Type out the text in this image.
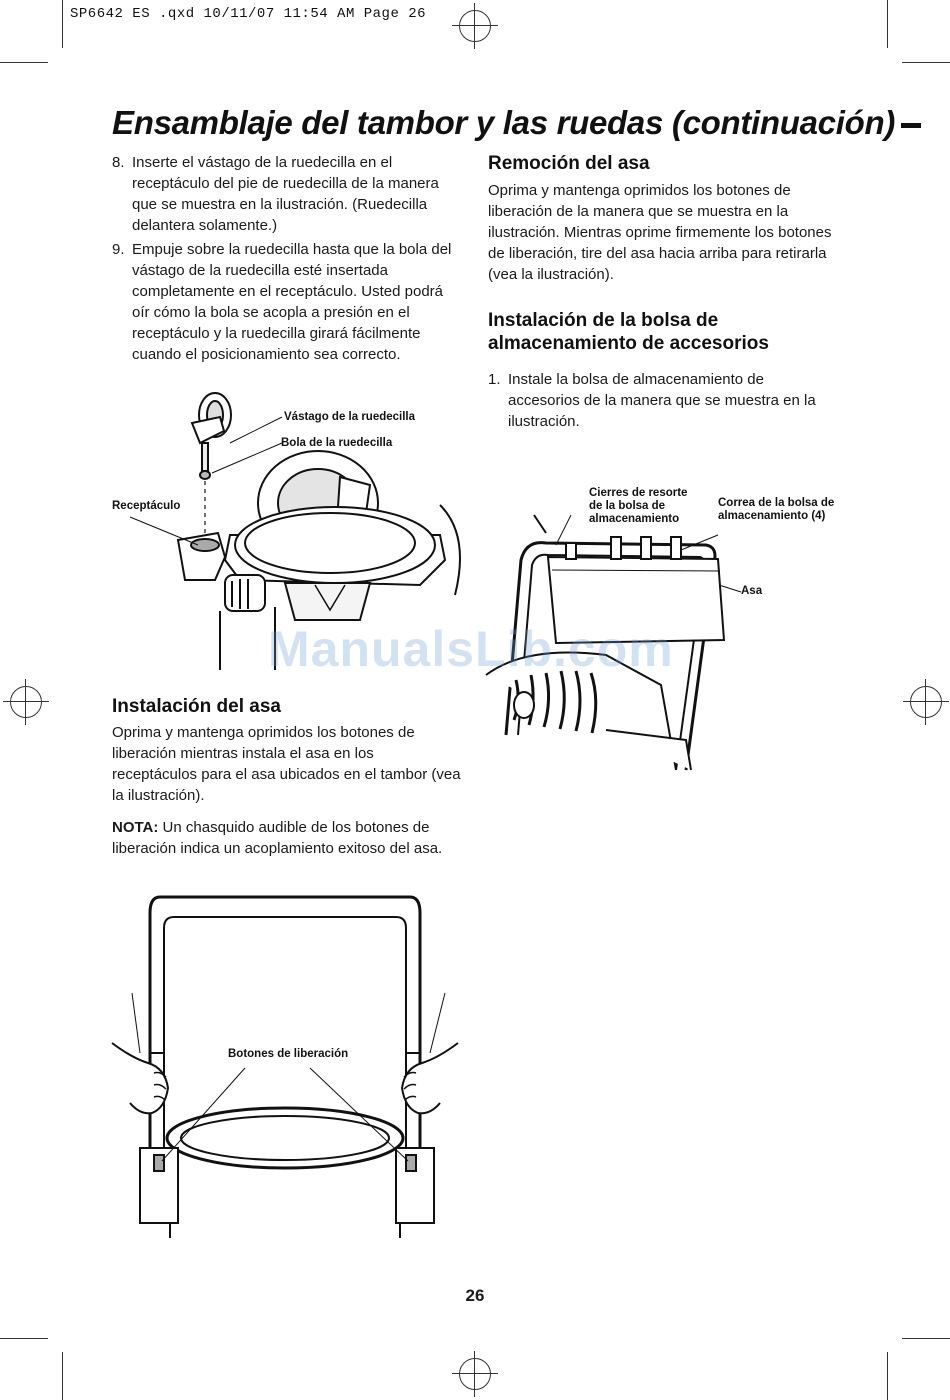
SP6642 ES .qxd 10/11/07 11:54 AM Page 26
Ensamblaje del tambor y las ruedas (continuación)
8. Inserte el vástago de la ruedecilla en el receptáculo del pie de ruedecilla de la manera que se muestra en la ilustración. (Ruedecilla delantera solamente.)
9. Empuje sobre la ruedecilla hasta que la bola del vástago de la ruedecilla esté insertada completamente en el receptáculo. Usted podrá oír cómo la bola se acopla a presión en el receptáculo y la ruedecilla girará fácilmente cuando el posicionamiento sea correcto.
Vástago de la ruedecilla
Bola de la ruedecilla
Receptáculo
Instalación del asa

Oprima y mantenga oprimidos los botones de liberación mientras instala el asa en los receptáculos para el asa ubicados en el tambor (vea la ilustración).

NOTA: Un chasquido audible de los botones de liberación indica un acoplamiento exitoso del asa.

Botones de liberación
Remoción del asa

Oprima y mantenga oprimidos los botones de liberación de la manera que se muestra en la ilustración. Mientras oprime firmemente los botones de liberación, tire del asa hacia arriba para retirarla (vea la ilustración).

Instalación de la bolsa de almacenamiento de accesorios
1. Instale la bolsa de almacenamiento de accesorios de la manera que se muestra en la ilustración.
Cierres de resorte de la bolsa de almacenamiento
Correa de la bolsa de almacenamiento (4)
Asa
ManualsLib.com
26
